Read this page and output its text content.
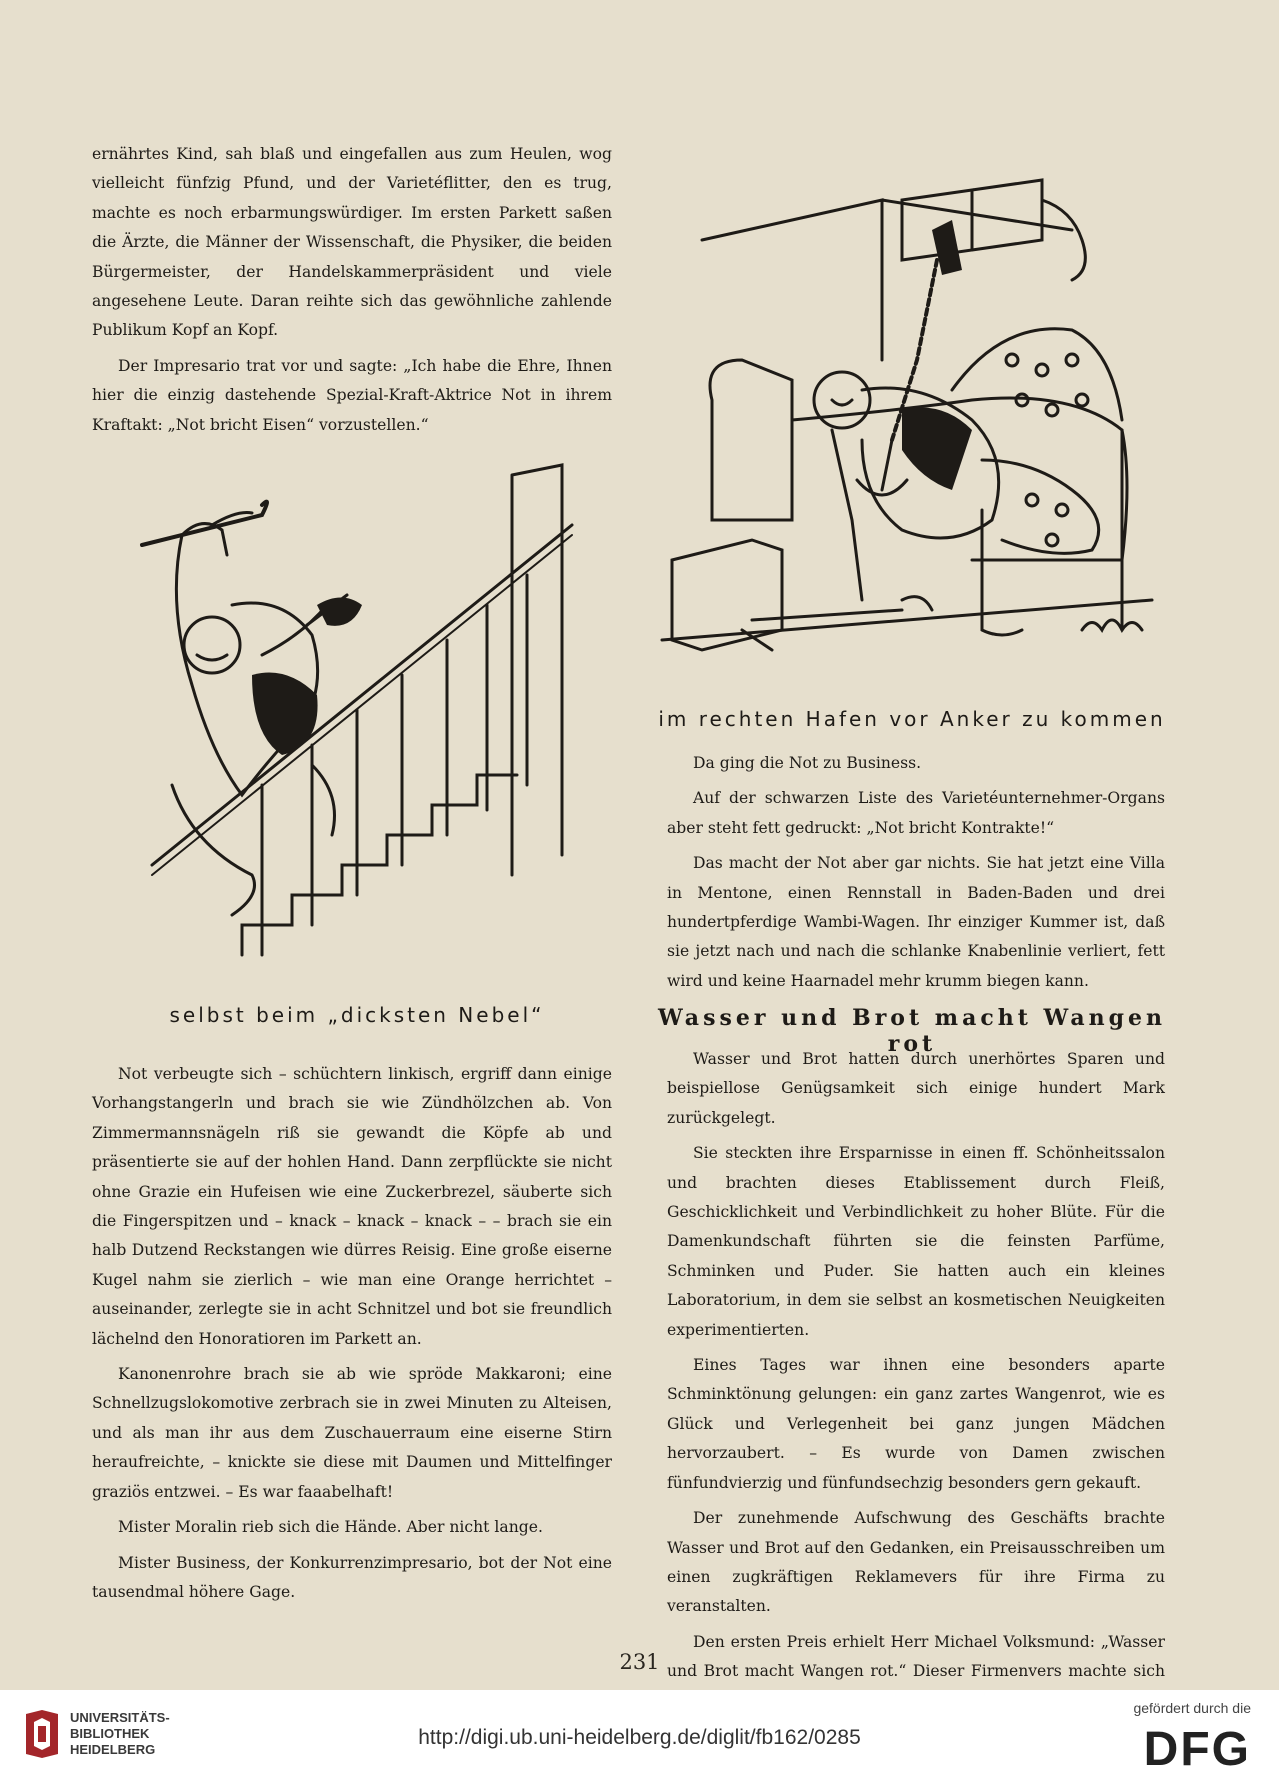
ernährtes Kind, sah blaß und eingefallen aus zum Heulen, wog vielleicht fünfzig Pfund, und der Varietéflitter, den es trug, machte es noch erbarmungswürdiger. Im ersten Parkett saßen die Ärzte, die Männer der Wissenschaft, die Physiker, die beiden Bürgermeister, der Handelskammerpräsident und viele angesehene Leute. Daran reihte sich das gewöhnliche zahlende Publikum Kopf an Kopf.

Der Impresario trat vor und sagte: „Ich habe die Ehre, Ihnen hier die einzig dastehende Spezial-Kraft-Aktrice Not in ihrem Kraftakt: „Not bricht Eisen“ vorzustellen.“

selbst beim „dicksten Nebel“

Not verbeugte sich – schüchtern linkisch, ergriff dann einige Vorhangstangerln und brach sie wie Zündhölzchen ab. Von Zimmermannsnägeln riß sie gewandt die Köpfe ab und präsentierte sie auf der hohlen Hand. Dann zerpflückte sie nicht ohne Grazie ein Hufeisen wie eine Zuckerbrezel, säuberte sich die Fingerspitzen und – knack – knack – knack – – brach sie ein halb Dutzend Reckstangen wie dürres Reisig. Eine große eiserne Kugel nahm sie zierlich – wie man eine Orange herrichtet – auseinander, zerlegte sie in acht Schnitzel und bot sie freundlich lächelnd den Honoratioren im Parkett an.

Kanonenrohre brach sie ab wie spröde Makkaroni; eine Schnellzugslokomotive zerbrach sie in zwei Minuten zu Alteisen, und als man ihr aus dem Zuschauerraum eine eiserne Stirn heraufreichte, – knickte sie diese mit Daumen und Mittelfinger graziös entzwei. – Es war faaabelhaft!

Mister Moralin rieb sich die Hände. Aber nicht lange.

Mister Business, der Konkurrenzimpresario, bot der Not eine tausendmal höhere Gage.

im rechten Hafen vor Anker zu kommen

Da ging die Not zu Business.

Auf der schwarzen Liste des Varietéunternehmer-Organs aber steht fett gedruckt: „Not bricht Kontrakte!“

Das macht der Not aber gar nichts. Sie hat jetzt eine Villa in Mentone, einen Rennstall in Baden-Baden und drei hundertpferdige Wambi-Wagen. Ihr einziger Kummer ist, daß sie jetzt nach und nach die schlanke Knabenlinie verliert, fett wird und keine Haarnadel mehr krumm biegen kann.

Wasser und Brot macht Wangen rot

Wasser und Brot hatten durch unerhörtes Sparen und beispiellose Genügsamkeit sich einige hundert Mark zurückgelegt.

Sie steckten ihre Ersparnisse in einen ff. Schönheitssalon und brachten dieses Etablissement durch Fleiß, Geschicklichkeit und Verbindlichkeit zu hoher Blüte. Für die Damenkundschaft führten sie die feinsten Parfüme, Schminken und Puder. Sie hatten auch ein kleines Laboratorium, in dem sie selbst an kosmetischen Neuigkeiten experimentierten.

Eines Tages war ihnen eine besonders aparte Schminktönung gelungen: ein ganz zartes Wangenrot, wie es Glück und Verlegenheit bei ganz jungen Mädchen hervorzaubert. – Es wurde von Damen zwischen fünfundvierzig und fünfundsechzig besonders gern gekauft.

Der zunehmende Aufschwung des Geschäfts brachte Wasser und Brot auf den Gedanken, ein Preisausschreiben um einen zugkräftigen Reklamevers für ihre Firma zu veranstalten.

Den ersten Preis erhielt Herr Michael Volksmund: „Wasser und Brot macht Wangen rot.“ Dieser Firmenvers machte sich

231
UNIVERSITÄTS-
BIBLIOTHEK
HEIDELBERG
http://digi.ub.uni-heidelberg.de/diglit/fb162/0285
gefördert durch die
DFG
